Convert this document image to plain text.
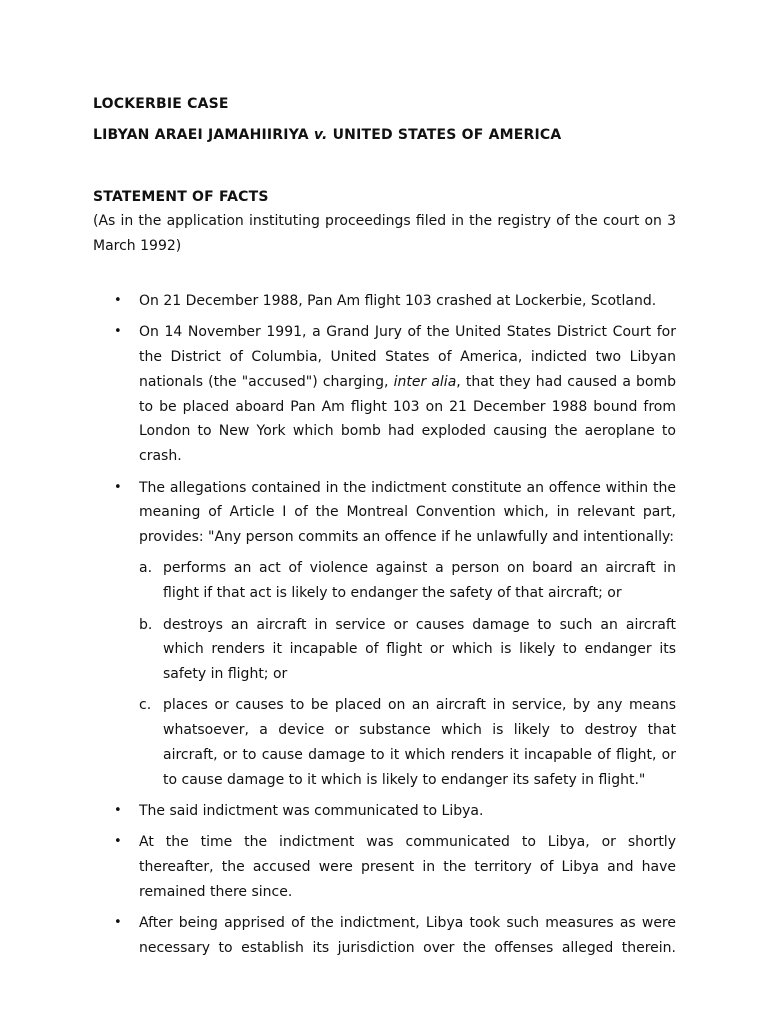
LOCKERBIE CASE
LIBYAN ARAEI JAMAHIIRIYA v. UNITED STATES OF AMERICA
STATEMENT OF FACTS

(As in the application instituting proceedings filed in the registry of the court on 3 March 1992)

• On 21 December 1988, Pan Am flight 103 crashed at Lockerbie, Scotland.
• On 14 November 1991, a Grand Jury of the United States District Court for the District of Columbia, United States of America, indicted two Libyan nationals (the "accused") charging, inter alia, that they had caused a bomb to be placed aboard Pan Am flight 103 on 21 December 1988 bound from London to New York which bomb had exploded causing the aeroplane to crash.
• The allegations contained in the indictment constitute an offence within the meaning of Article I of the Montreal Convention which, in relevant part, provides: "Any person commits an offence if he unlawfully and intentionally:
a. performs an act of violence against a person on board an aircraft in flight if that act is likely to endanger the safety of that aircraft; or
b. destroys an aircraft in service or causes damage to such an aircraft which renders it incapable of flight or which is likely to endanger its safety in flight; or
c. places or causes to be placed on an aircraft in service, by any means whatsoever, a device or substance which is likely to destroy that aircraft, or to cause damage to it which renders it incapable of flight, or to cause damage to it which is likely to endanger its safety in flight."
• The said indictment was communicated to Libya.
• At the time the indictment was communicated to Libya, or shortly thereafter, the accused were present in the territory of Libya and have remained there since.
• After being apprised of the indictment, Libya took such measures as were necessary to establish its jurisdiction over the offenses alleged therein.
